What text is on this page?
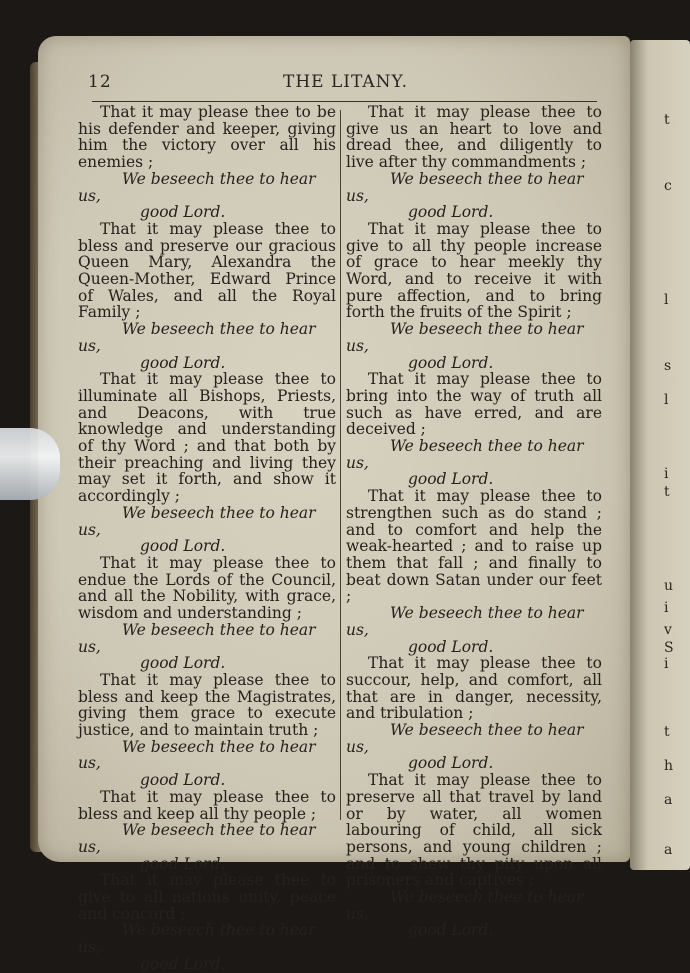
t
c
l
s
l
i
t
u
i
v
S
i
t
h
a
a
12	THE LITANY.

That it may please thee to be his defender and keeper, giving him the victory over all his enemies ;

We beseech thee to hear us,
good Lord.

That it may please thee to bless and preserve our gracious Queen Mary, Alexandra the Queen-Mother, Edward Prince of Wales, and all the Royal Family ;

We beseech thee to hear us,
good Lord.

That it may please thee to illuminate all Bishops, Priests, and Deacons, with true knowledge and understanding of thy Word ; and that both by their preaching and living they may set it forth, and show it accordingly ;

We beseech thee to hear us,
good Lord.

That it may please thee to endue the Lords of the Council, and all the Nobility, with grace, wisdom and understanding ;

We beseech thee to hear us,
good Lord.

That it may please thee to bless and keep the Magistrates, giving them grace to execute justice, and to maintain truth ;

We beseech thee to hear us,
good Lord.

That it may please thee to bless and keep all thy people ;

We beseech thee to hear us,
good Lord.

That it may please thee to give to all nations unity, peace and concord ;

We beseech thee to hear us,
good Lord.

That it may please thee to give us an heart to love and dread thee, and diligently to live after thy commandments ;

We beseech thee to hear us,
good Lord.

That it may please thee to give to all thy people increase of grace to hear meekly thy Word, and to receive it with pure affection, and to bring forth the fruits of the Spirit ;

We beseech thee to hear us,
good Lord.

That it may please thee to bring into the way of truth all such as have erred, and are deceived ;

We beseech thee to hear us,
good Lord.

That it may please thee to strengthen such as do stand ; and to comfort and help the weak-hearted ; and to raise up them that fall ; and finally to beat down Satan under our feet ;

We beseech thee to hear us,
good Lord.

That it may please thee to succour, help, and comfort, all that are in danger, necessity, and tribulation ;

We beseech thee to hear us,
good Lord.

That it may please thee to preserve all that travel by land or by water, all women labouring of child, all sick persons, and young children ; and to shew thy pity upon all prisoners and captives ;

We beseech thee to hear us,
good Lord.
